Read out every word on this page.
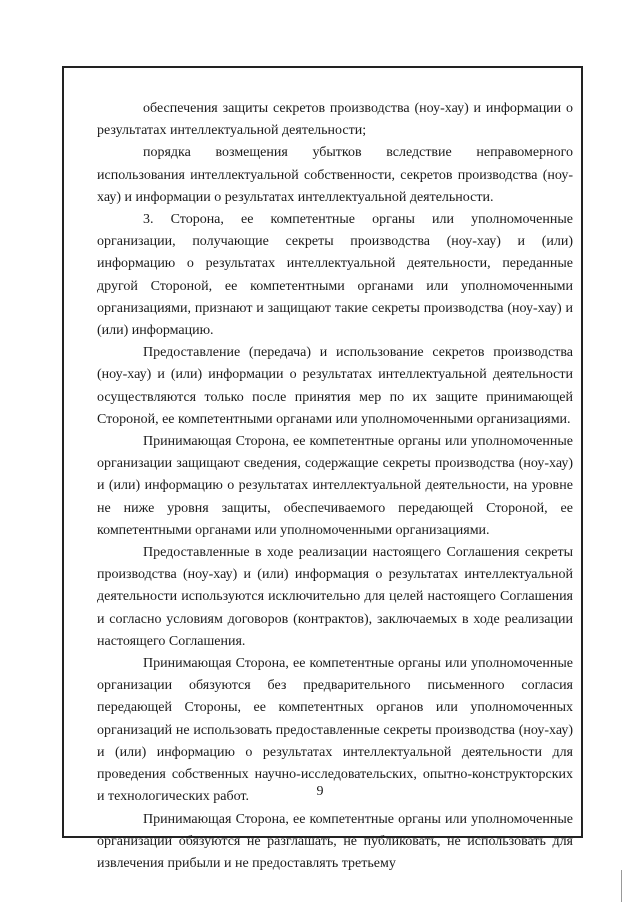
обеспечения защиты секретов производства (ноу-хау) и информации о результатах интеллектуальной деятельности;

порядка возмещения убытков вследствие неправомерного использования интеллектуальной собственности, секретов производства (ноу-хау) и информации о результатах интеллектуальной деятельности.

3. Сторона, ее компетентные органы или уполномоченные организации, получающие секреты производства (ноу-хау) и (или) информацию о результатах интеллектуальной деятельности, переданные другой Стороной, ее компетентными органами или уполномоченными организациями, признают и защищают такие секреты производства (ноу-хау) и (или) информацию.

Предоставление (передача) и использование секретов производства (ноу-хау) и (или) информации о результатах интеллектуальной деятельности осуществляются только после принятия мер по их защите принимающей Стороной, ее компетентными органами или уполномоченными организациями.

Принимающая Сторона, ее компетентные органы или уполномоченные организации защищают сведения, содержащие секреты производства (ноу-хау) и (или) информацию о результатах интеллектуальной деятельности, на уровне не ниже уровня защиты, обеспечиваемого передающей Стороной, ее компетентными органами или уполномоченными организациями.

Предоставленные в ходе реализации настоящего Соглашения секреты производства (ноу-хау) и (или) информация о результатах интеллектуальной деятельности используются исключительно для целей настоящего Соглашения и согласно условиям договоров (контрактов), заключаемых в ходе реализации настоящего Соглашения.

Принимающая Сторона, ее компетентные органы или уполномоченные организации обязуются без предварительного письменного согласия передающей Стороны, ее компетентных органов или уполномоченных организаций не использовать предоставленные секреты производства (ноу-хау) и (или) информацию о результатах интеллектуальной деятельности для проведения собственных научно-исследовательских, опытно-конструкторских и технологических работ.

Принимающая Сторона, ее компетентные органы или уполномоченные организации обязуются не разглашать, не публиковать, не использовать для извлечения прибыли и не предоставлять третьему

9
